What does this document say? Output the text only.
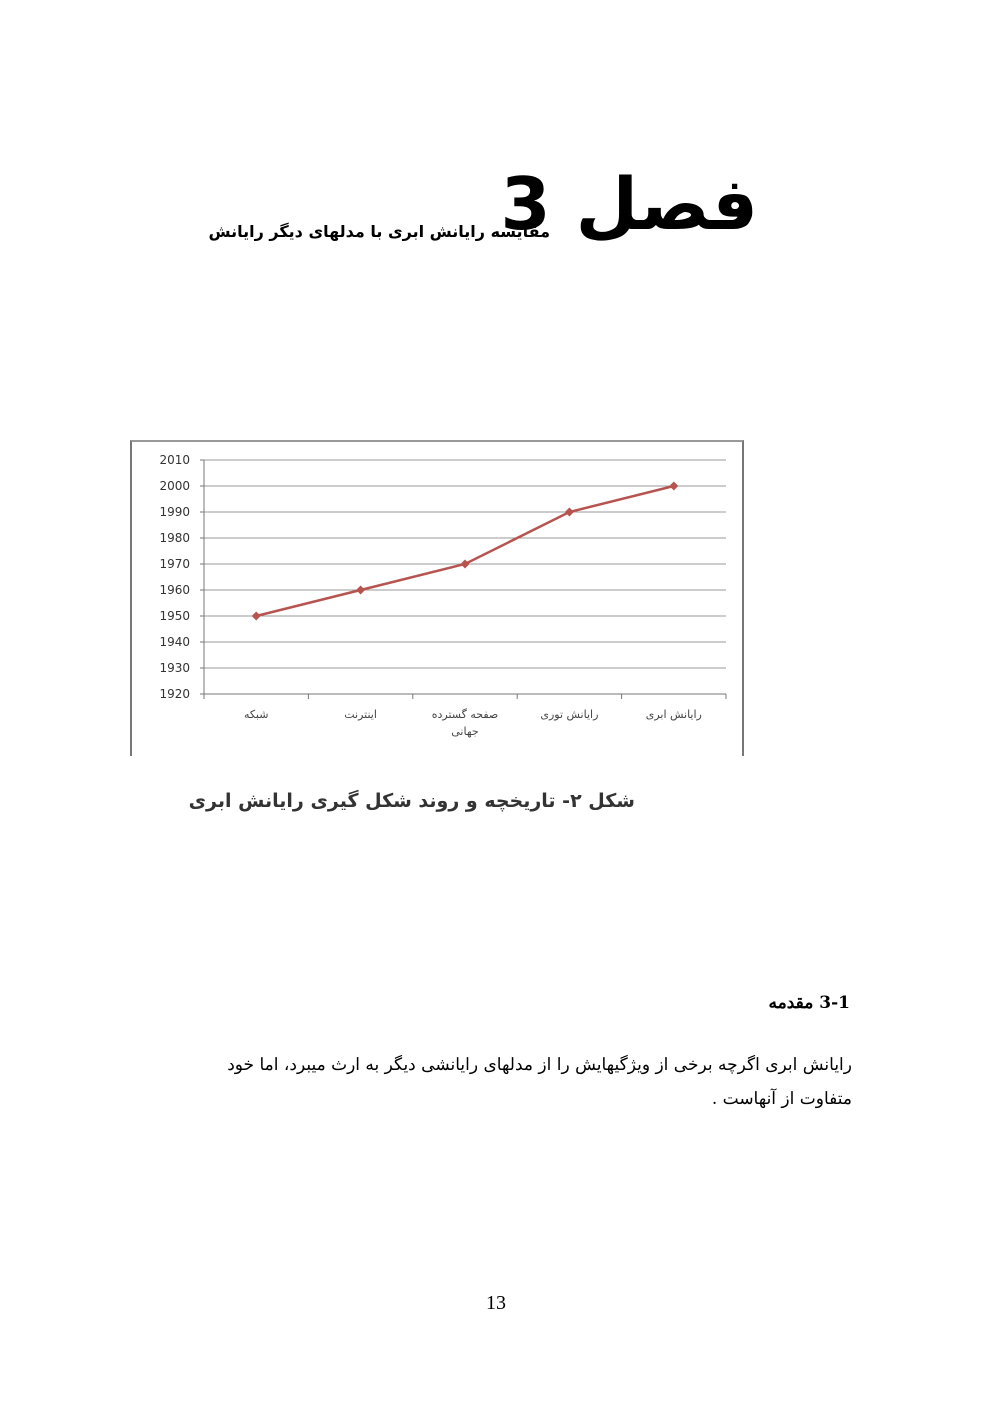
فصل 3
مقایسه رایانش ابری با مدلهای دیگر رایانش
1920
1930
1940
1950
1960
1970
1980
1990
2000
2010
شبکه	اینترنت	صفحه گسترده جهانی
رایانش توری	رایانش ابری
شکل ۲- تاریخچه و روند شکل گیری رایانش ابری
3-1 مقدمه
رایانش ابری اگرچه برخی از ویژگیهایش را از مدلهای رایانشی دیگر به ارث میبرد، اما خود
متفاوت از آنهاست .
13
